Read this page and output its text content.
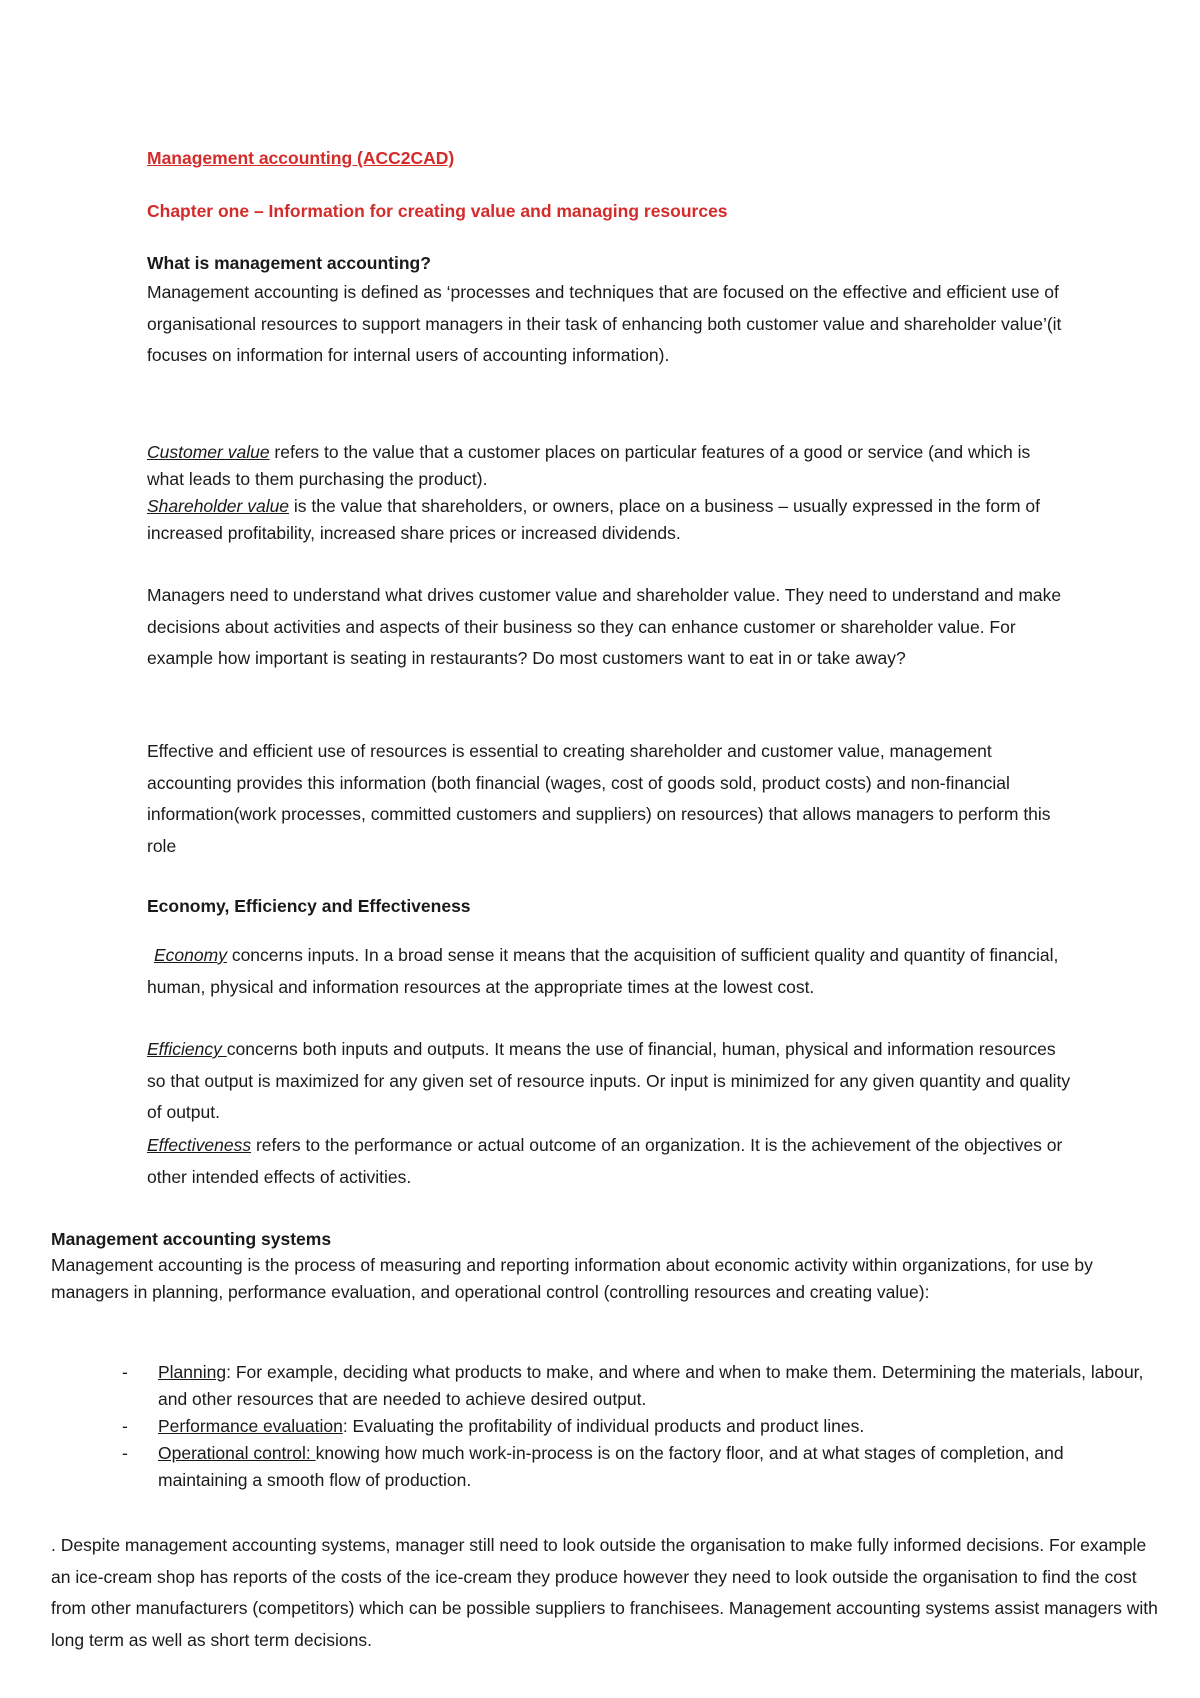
Management accounting (ACC2CAD)

Chapter one – Information for creating value and managing resources

What is management accounting?

Management accounting is defined as ‘processes and techniques that are focused on the effective and efficient use of organisational resources to support managers in their task of enhancing both customer value and shareholder value’(it focuses on information for internal users of accounting information).

Customer value refers to the value that a customer places on particular features of a good or service (and which is what leads to them purchasing the product).

Shareholder value is the value that shareholders, or owners, place on a business – usually expressed in the form of increased profitability, increased share prices or increased dividends.

Managers need to understand what drives customer value and shareholder value. They need to understand and make decisions about activities and aspects of their business so they can enhance customer or shareholder value. For example how important is seating in restaurants? Do most customers want to eat in or take away?

Effective and efficient use of resources is essential to creating shareholder and customer value, management accounting provides this information (both financial (wages, cost of goods sold, product costs) and non-financial information(work processes, committed customers and suppliers) on resources) that allows managers to perform this role

Economy, Efficiency and Effectiveness

Economy concerns inputs. In a broad sense it means that the acquisition of sufficient quality and quantity of financial, human, physical and information resources at the appropriate times at the lowest cost.

Efficiency concerns both inputs and outputs. It means the use of financial, human, physical and information resources so that output is maximized for any given set of resource inputs. Or input is minimized for any given quantity and quality of output.

Effectiveness refers to the performance or actual outcome of an organization. It is the achievement of the objectives or other intended effects of activities.

Management accounting systems

Management accounting is the process of measuring and reporting information about economic activity within organizations, for use by managers in planning, performance evaluation, and operational control (controlling resources and creating value):

- Planning: For example, deciding what products to make, and where and when to make them. Determining the materials, labour, and other resources that are needed to achieve desired output.
- Performance evaluation: Evaluating the profitability of individual products and product lines.
- Operational control: knowing how much work-in-process is on the factory floor, and at what stages of completion, and maintaining a smooth flow of production.

. Despite management accounting systems, manager still need to look outside the organisation to make fully informed decisions. For example an ice-cream shop has reports of the costs of the ice-cream they produce however they need to look outside the organisation to find the cost from other manufacturers (competitors) which can be possible suppliers to franchisees. Management accounting systems assist managers with long term as well as short term decisions.
